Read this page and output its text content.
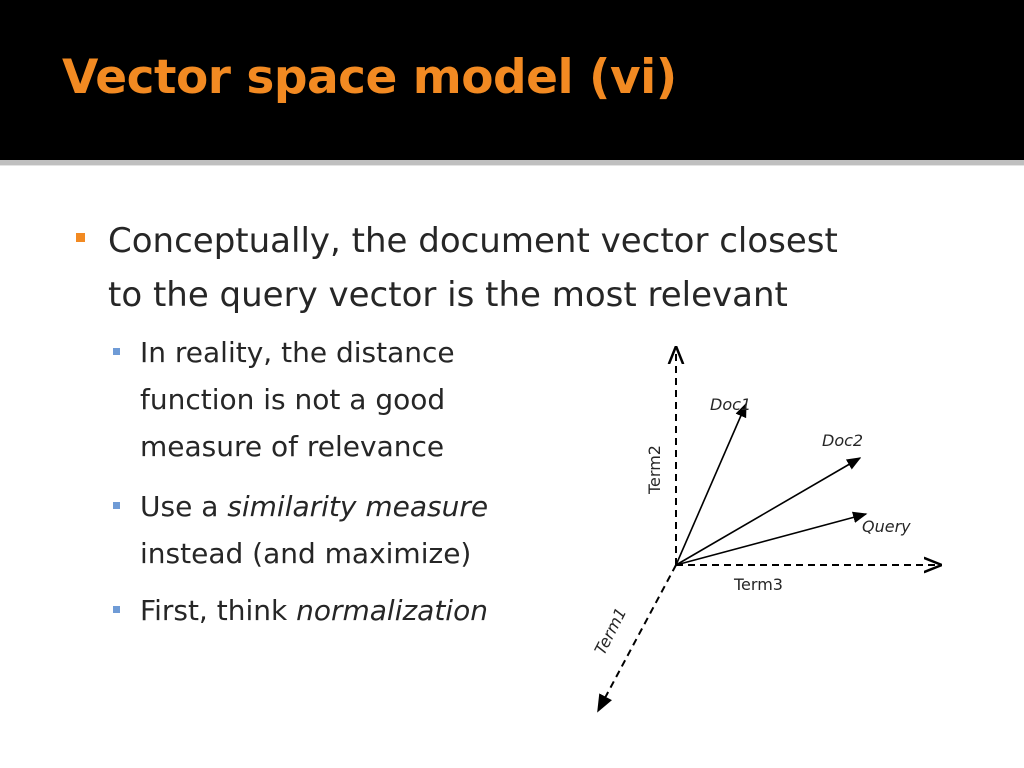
Vector space model (vi)
Conceptually, the document vector closest
to the query vector is the most relevant
In reality, the distance
function is not a good
measure of relevance
Use a similarity measure
instead (and maximize)
First, think normalization
Term2
Term3
Term1
Doc1
Doc2
Query
